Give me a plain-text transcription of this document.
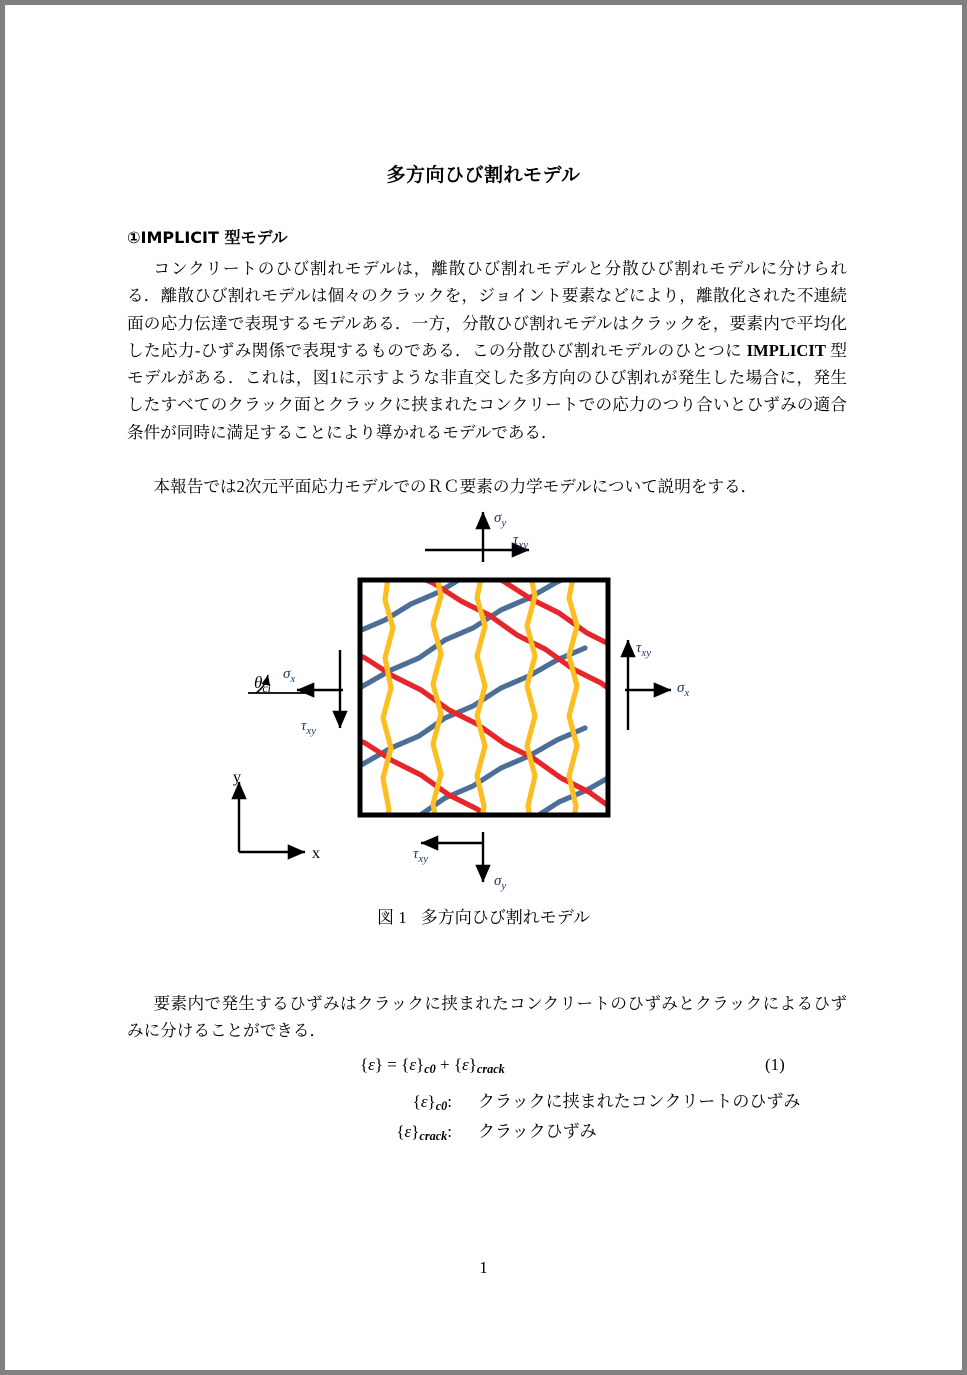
多方向ひび割れモデル
①IMPLICIT 型モデル
コンクリートのひび割れモデルは，離散ひび割れモデルと分散ひび割れモデルに分けられる．離散ひび割れモデルは個々のクラックを，ジョイント要素などにより，離散化された不連続面の応力伝達で表現するモデルある．一方，分散ひび割れモデルはクラックを，要素内で平均化した応力-ひずみ関係で表現するものである．この分散ひび割れモデルのひとつに IMPLICIT 型モデルがある．これは，図1に示すような非直交した多方向のひび割れが発生した場合に，発生したすべてのクラック面とクラックに挟まれたコンクリートでの応力のつり合いとひずみの適合条件が同時に満足することにより導かれるモデルである．
本報告では2次元平面応力モデルでのＲＣ要素の力学モデルについて説明をする．
$\theta_{ci}$
$\sigma_y$
$\tau_{xy}$
$\sigma_x$
$\tau_{xy}$
$\sigma_x$
$\tau_{xy}$
$\sigma_y$
$\tau_{xy}$
y
x
図 1 多方向ひび割れモデル
要素内で発生するひずみはクラックに挟まれたコンクリートのひずみとクラックによるひずみに分けることができる．
$\{\varepsilon\} = \{\varepsilon\}_{c0} + \{\varepsilon\}_{crack}$	(1)
$\{\varepsilon\}_{c0}$: クラックに挟まれたコンクリートのひずみ
$\{\varepsilon\}_{crack}$: クラックひずみ
1
